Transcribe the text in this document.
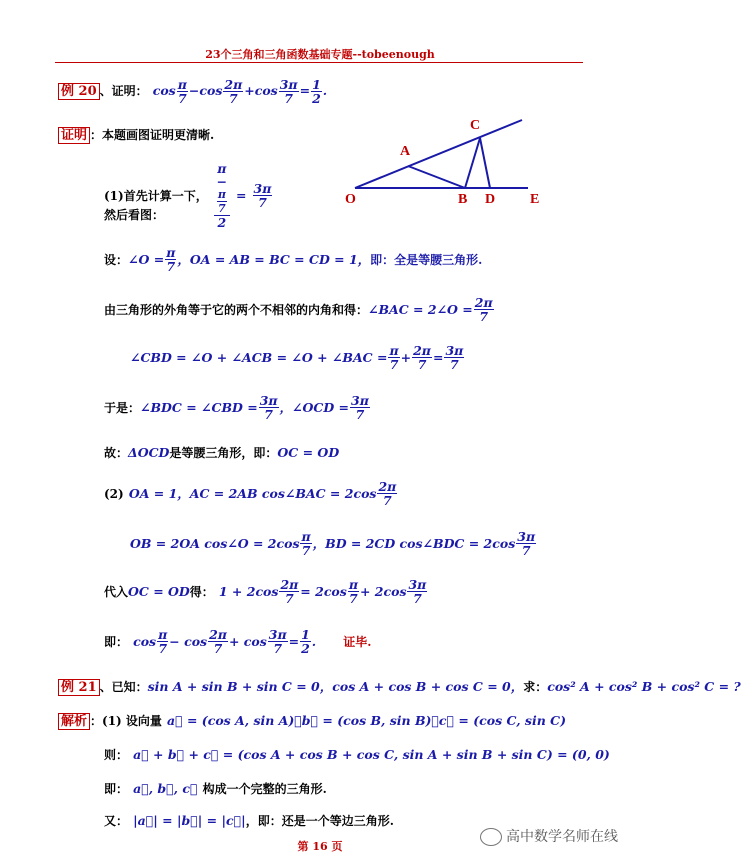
23个三角和三角函数基础专题--tobeenough
例 20 、证明： $\cos \frac{\pi}{7} -\cos \frac{2\pi}{7} +\cos \frac{3\pi}{7} = \frac{1}{2}$ .
证明 ：本题画图证明更清晰.
(1)首先计算一下， π
−
π
7
$2 = \frac{3\pi}{7}$
然后看图：
设：∠O = $\frac{\pi}{7}$ ，OA = AB = BC = CD = 1，即：全是等腰三角形.
由三角形的外角等于它的两个不相邻的内角和得：∠BAC = 2∠O = $\frac{2\pi}{7}$
∠CBD = ∠O + ∠ACB = ∠O + ∠BAC = $\frac{\pi}{7} + \frac{2\pi}{7} = \frac{3\pi}{7}$
于是：∠BDC = ∠CBD = $\frac{3\pi}{7}$ ，∠OCD = $\frac{3\pi}{7}$
故：ΔOCD是等腰三角形，即：OC = OD
(2) OA = 1，AC = 2AB cos∠BAC = $2\cos \frac{2\pi}{7}$
OB = 2OA cos∠O = $2\cos \frac{\pi}{7}$ ，BD = 2CD cos∠BDC = $2\cos \frac{3\pi}{7}$
代入OC = OD得： $1 + 2\cos \frac{2\pi}{7} = 2\cos \frac{\pi}{7} + 2\cos \frac{3\pi}{7}$
即： $\cos \frac{\pi}{7} - \cos \frac{2\pi}{7} + \cos \frac{3\pi}{7} = \frac{1}{2}$ . 证毕.
A
C
O	B D E
例 21 、已知：sin A + sin B + sin C = 0，cos A + cos B + cos C = 0，求：cos² A + cos² B + cos² C = ?
解析 ：(1) 设向量 a⃗ = (cos A, sin A)，b⃗ = (cos B, sin B)，c⃗ = (cos C, sin C)
则： a⃗ + b⃗ + c⃗ = (cos A + cos B + cos C, sin A + sin B + sin C) = (0, 0)
即： a⃗, b⃗, c⃗ 构成一个完整的三角形.
又： |a⃗| = |b⃗| = |c⃗|，即：还是一个等边三角形.
第 16 页
高中数学名师在线
